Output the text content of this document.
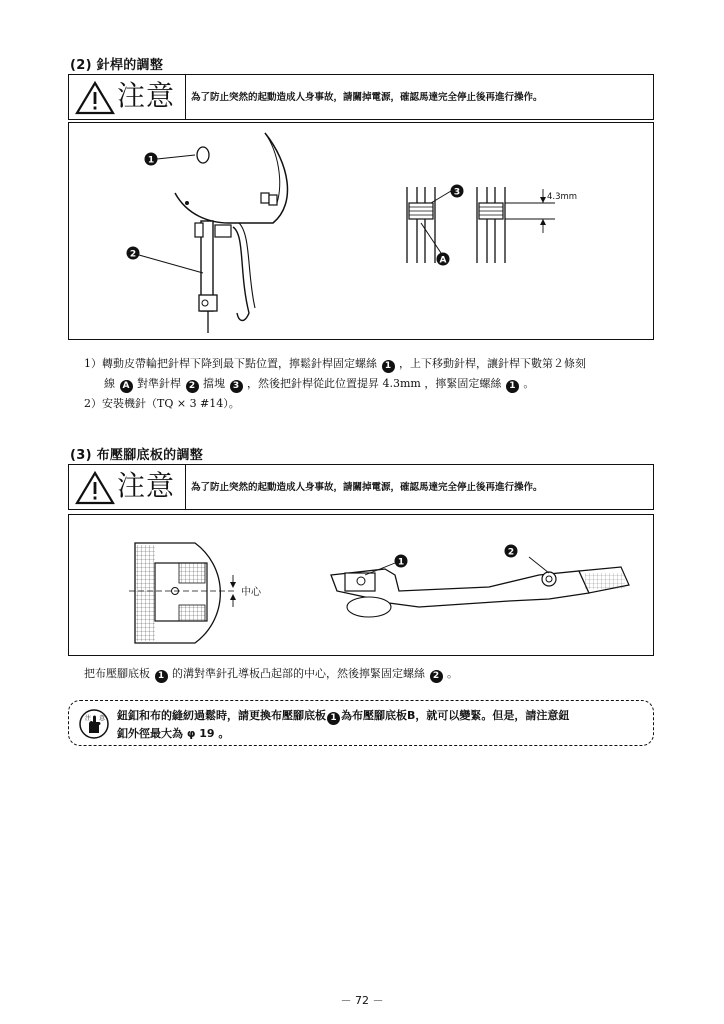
(2) 針桿的調整
注意 為了防止突然的起動造成人身事故，請關掉電源，確認馬達完全停止後再進行操作。
1
2
4.3mm
3
A
1）轉動皮帶輪把針桿下降到最下點位置，擰鬆針桿固定螺絲 1 ，上下移動針桿，讓針桿下數第２條刻
線 A 對準針桿 2 擋塊 3 ，然後把針桿從此位置提昇 4.3mm ，擰緊固定螺絲 1 。
2）安裝機針（TQ × 3 #14）。
(3) 布壓腳底板的調整
注意 為了防止突然的起動造成人身事故，請關掉電源，確認馬達完全停止後再進行操作。
中心
1
2
把布壓腳底板 1 的溝對準針孔導板凸起部的中心，然後擰緊固定螺絲 2 。
注 意 鈕釦和布的縫紉過鬆時，請更換布壓腳底板 1 為布壓腳底板B，就可以變緊。但是，請注意鈕
釦外徑最大為 φ 19 。
－ 72 －
